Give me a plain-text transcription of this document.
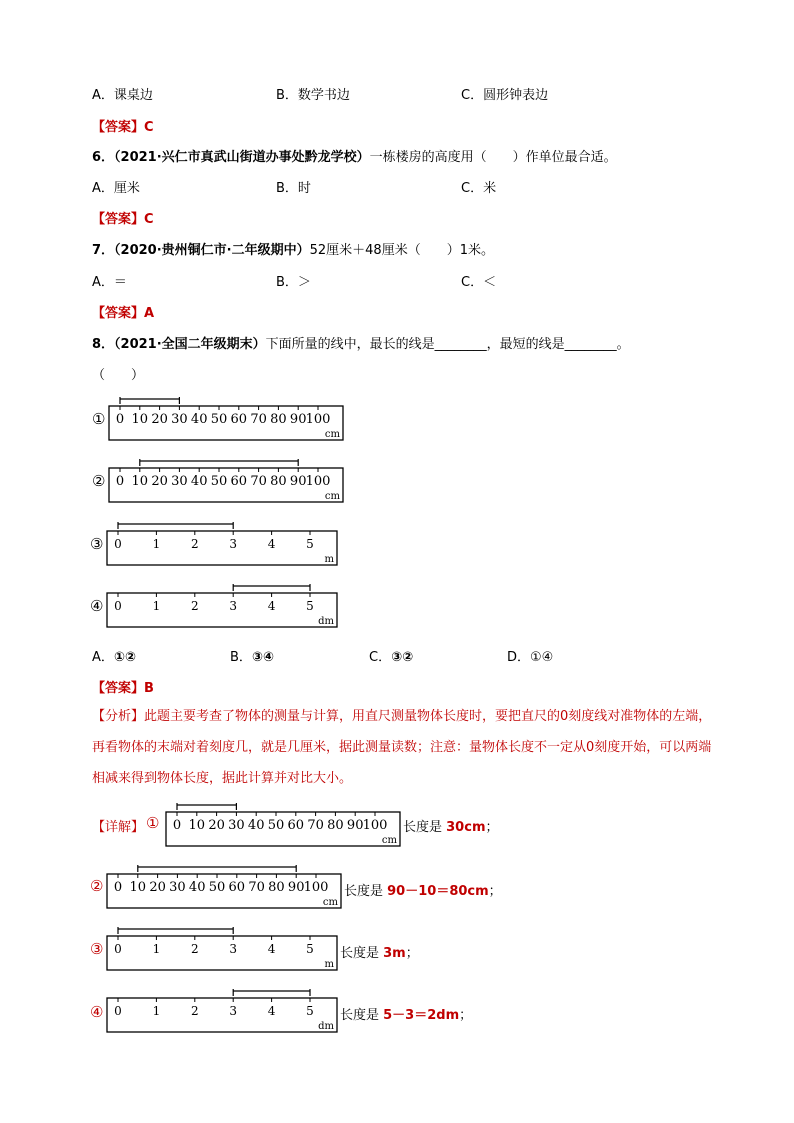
A．课桌边	B．数学书边	C．圆形钟表边
【答案】C
6．（2021·兴仁市真武山街道办事处黔龙学校）一栋楼房的高度用（　　）作单位最合适。
A．厘米	B．时	C．米
【答案】C
7．（2020·贵州铜仁市·二年级期中）52厘米＋48厘米（　　）1米。
A．＝	B．＞	C．＜
【答案】A
8．（2021·全国二年级期末）下面所量的线中，最长的线是________，最短的线是________。
（　　）
① 0 10 20 30 40 50 60 70 80 90 100
cm
② 0 10 20 30 40 50 60 70 80 90 100
cm
③ 0	1	2	3	4	5
m
④ 0	1	2	3	4	5
dm
A．①②	B．③④	C．③②	D．①④
【答案】B
【分析】此题主要考查了物体的测量与计算，用直尺测量物体长度时，要把直尺的0刻度线对准物体的左端，再看物体的末端对着刻度几，就是几厘米，据此测量读数；注意：量物体长度不一定从0刻度开始，可以两端相减来得到物体长度，据此计算并对比大小。
【详解】 ① 0 10 20 30 40 50 60 70 80 90 100
cm
长度是 30cm；
② 0 10 20 30 40 50 60 70 80 90 100
cm
长度是 90－10＝80cm；
③ 0	1	2	3	4	5
m
长度是 3m；
④ 0	1	2	3	4	5
dm
长度是 5－3＝2dm；
